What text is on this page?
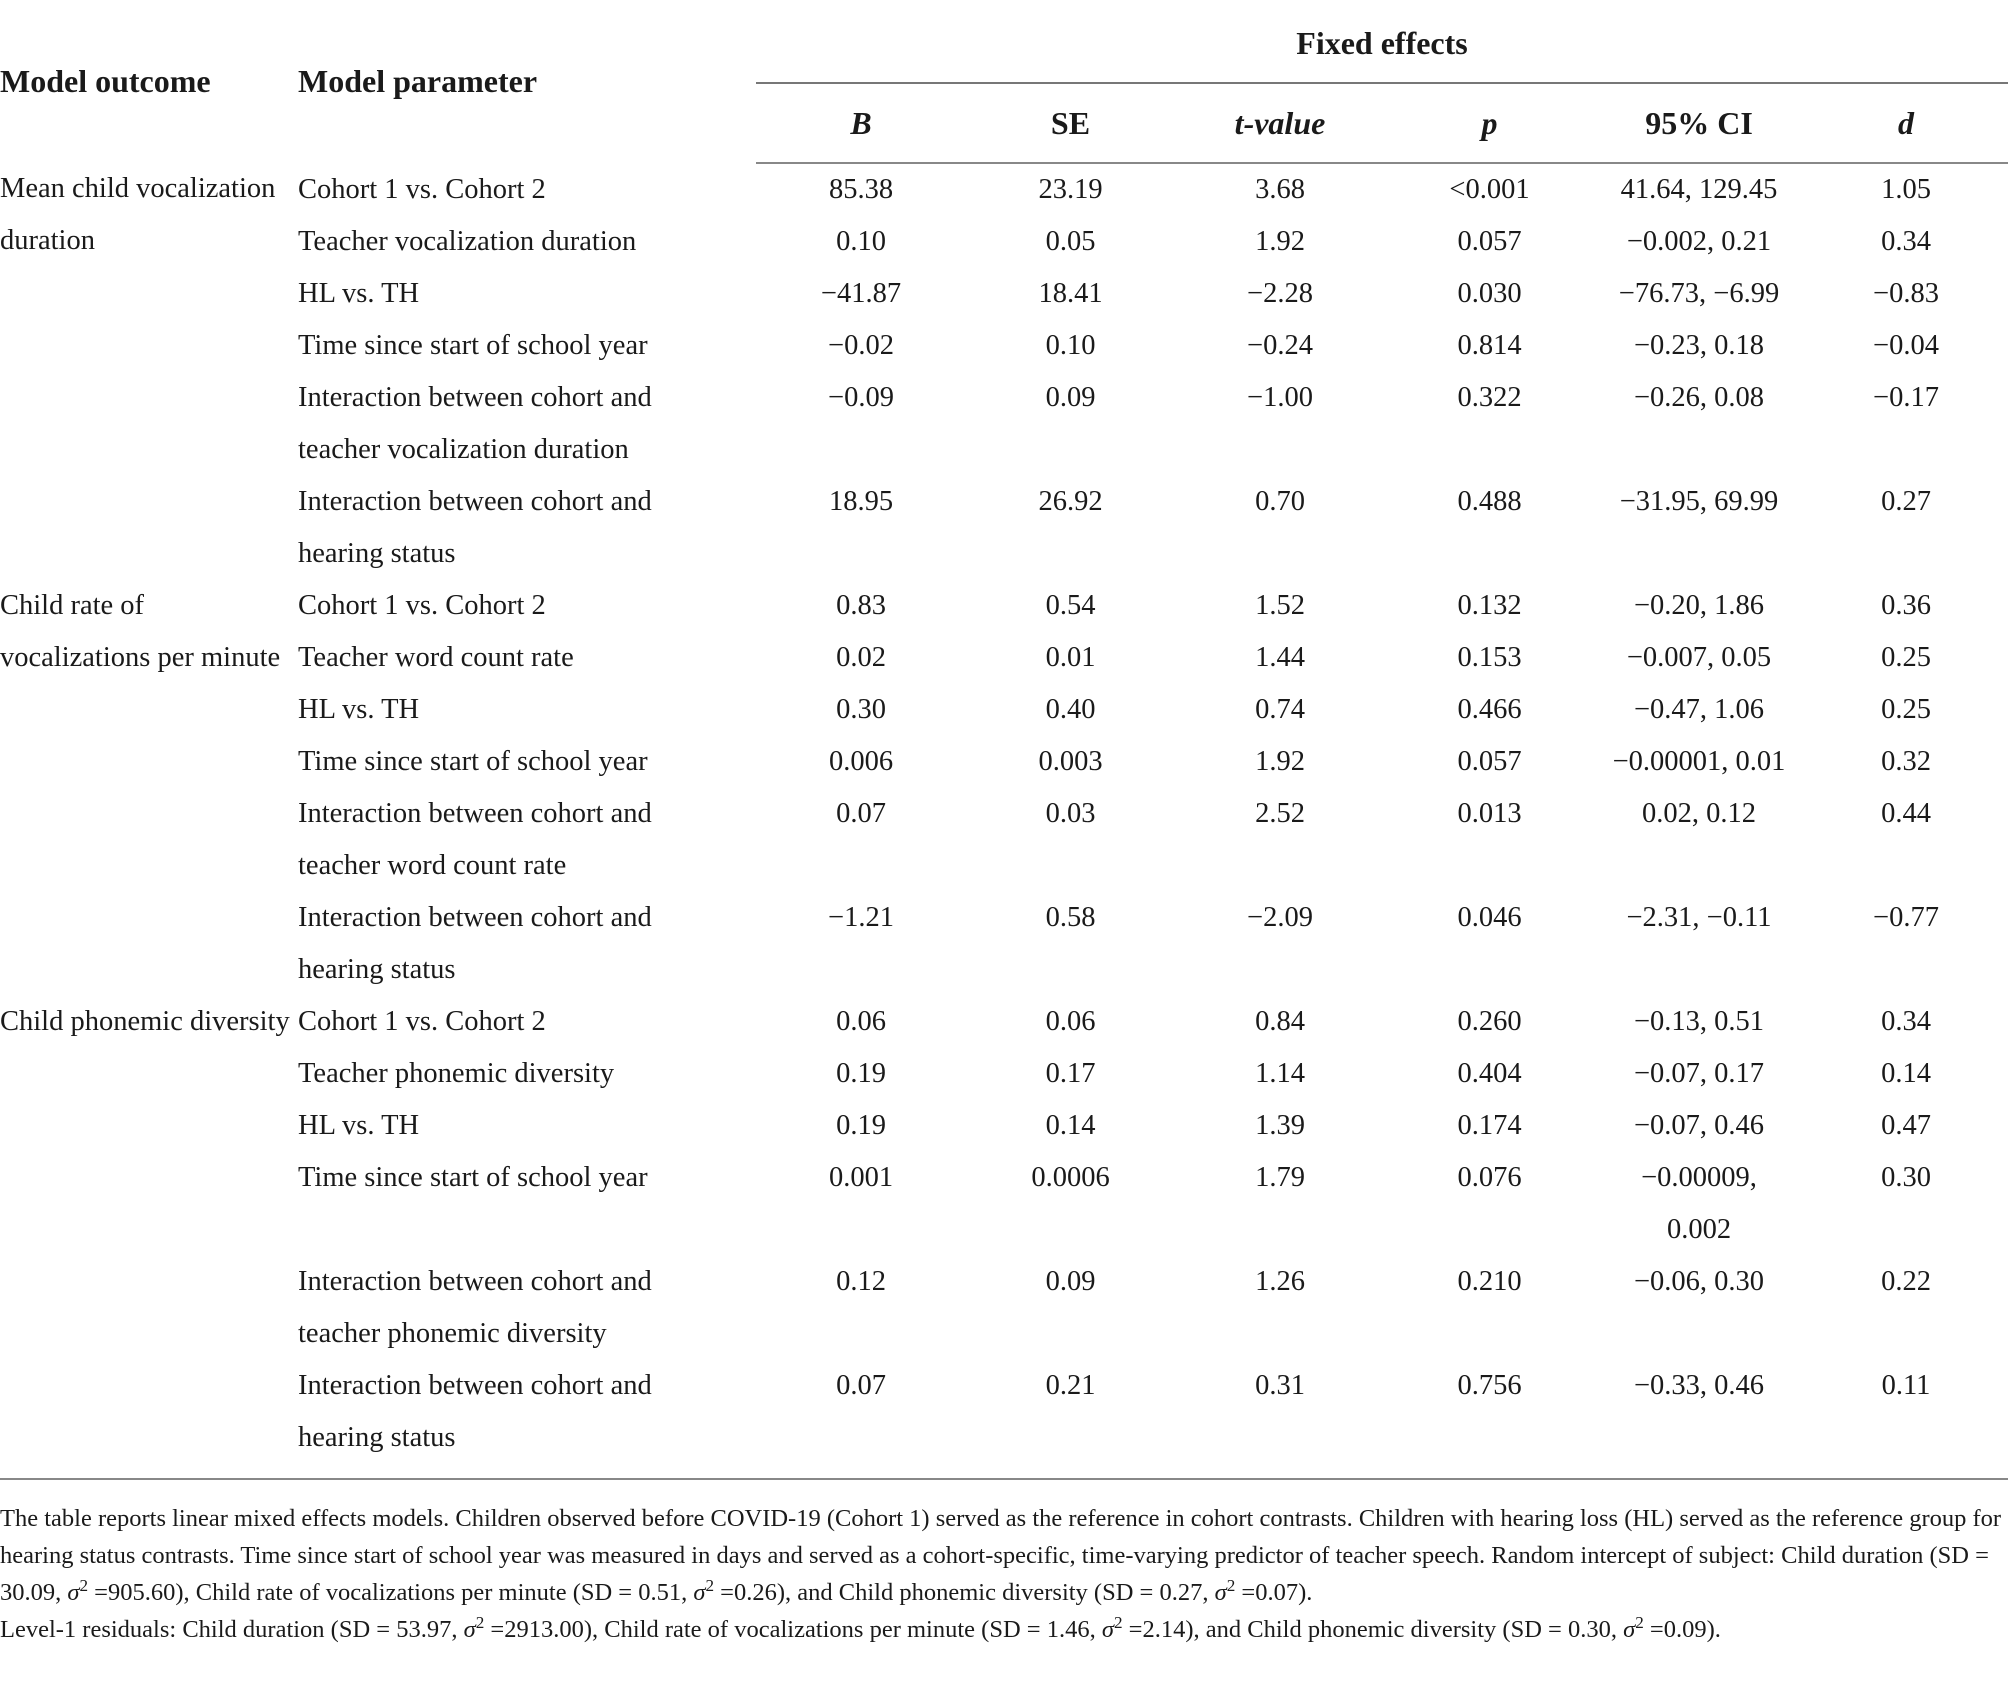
Model outcome	Model parameter	Fixed effects					

		B	SE	t-value	p	95% CI	d
Mean child vocalization duration	Cohort 1 vs. Cohort 2	85.38	23.19	3.68	<0.001	41.64, 129.45	1.05
	Teacher vocalization duration	0.10	0.05	1.92	0.057	−0.002, 0.21	0.34
	HL vs. TH	−41.87	18.41	−2.28	0.030	−76.73, −6.99	−0.83
	Time since start of school year	−0.02	0.10	−0.24	0.814	−0.23, 0.18	−0.04
	Interaction between cohort and	−0.09	0.09	−1.00	0.322	−0.26, 0.08	−0.17
	teacher vocalization duration						
	Interaction between cohort and	18.95	26.92	0.70	0.488	−31.95, 69.99	0.27
	hearing status						
Child rate of vocalizations per minute	Cohort 1 vs. Cohort 2	0.83	0.54	1.52	0.132	−0.20, 1.86	0.36
	Teacher word count rate	0.02	0.01	1.44	0.153	−0.007, 0.05	0.25
	HL vs. TH	0.30	0.40	0.74	0.466	−0.47, 1.06	0.25
	Time since start of school year	0.006	0.003	1.92	0.057	−0.00001, 0.01	0.32
	Interaction between cohort and	0.07	0.03	2.52	0.013	0.02, 0.12	0.44
	teacher word count rate						
	Interaction between cohort and	−1.21	0.58	−2.09	0.046	−2.31, −0.11	−0.77
	hearing status						
Child phonemic diversity	Cohort 1 vs. Cohort 2	0.06	0.06	0.84	0.260	−0.13, 0.51	0.34
	Teacher phonemic diversity	0.19	0.17	1.14	0.404	−0.07, 0.17	0.14
	HL vs. TH	0.19	0.14	1.39	0.174	−0.07, 0.46	0.47
	Time since start of school year	0.001	0.0006	1.79	0.076	−0.00009,	0.30
						0.002	
	Interaction between cohort and	0.12	0.09	1.26	0.210	−0.06, 0.30	0.22
	teacher phonemic diversity						
	Interaction between cohort and	0.07	0.21	0.31	0.756	−0.33, 0.46	0.11
	hearing status						

The table reports linear mixed effects models. Children observed before COVID-19 (Cohort 1) served as the reference in cohort contrasts. Children with hearing loss (HL) served as the reference group for hearing status contrasts. Time since start of school year was measured in days and served as a cohort-specific, time-varying predictor of teacher speech. Random intercept of subject: Child duration (SD = 30.09, $\sigma^2 =905.60$), Child rate of vocalizations per minute (SD = 0.51, $\sigma^2 =0.26$), and Child phonemic diversity (SD = 0.27, $\sigma^2 =0.07$).
Level-1 residuals: Child duration (SD = 53.97, $\sigma^2 =2913.00$), Child rate of vocalizations per minute (SD = 1.46, $\sigma^2 =2.14$), and Child phonemic diversity (SD = 0.30, $\sigma^2 =0.09$).
